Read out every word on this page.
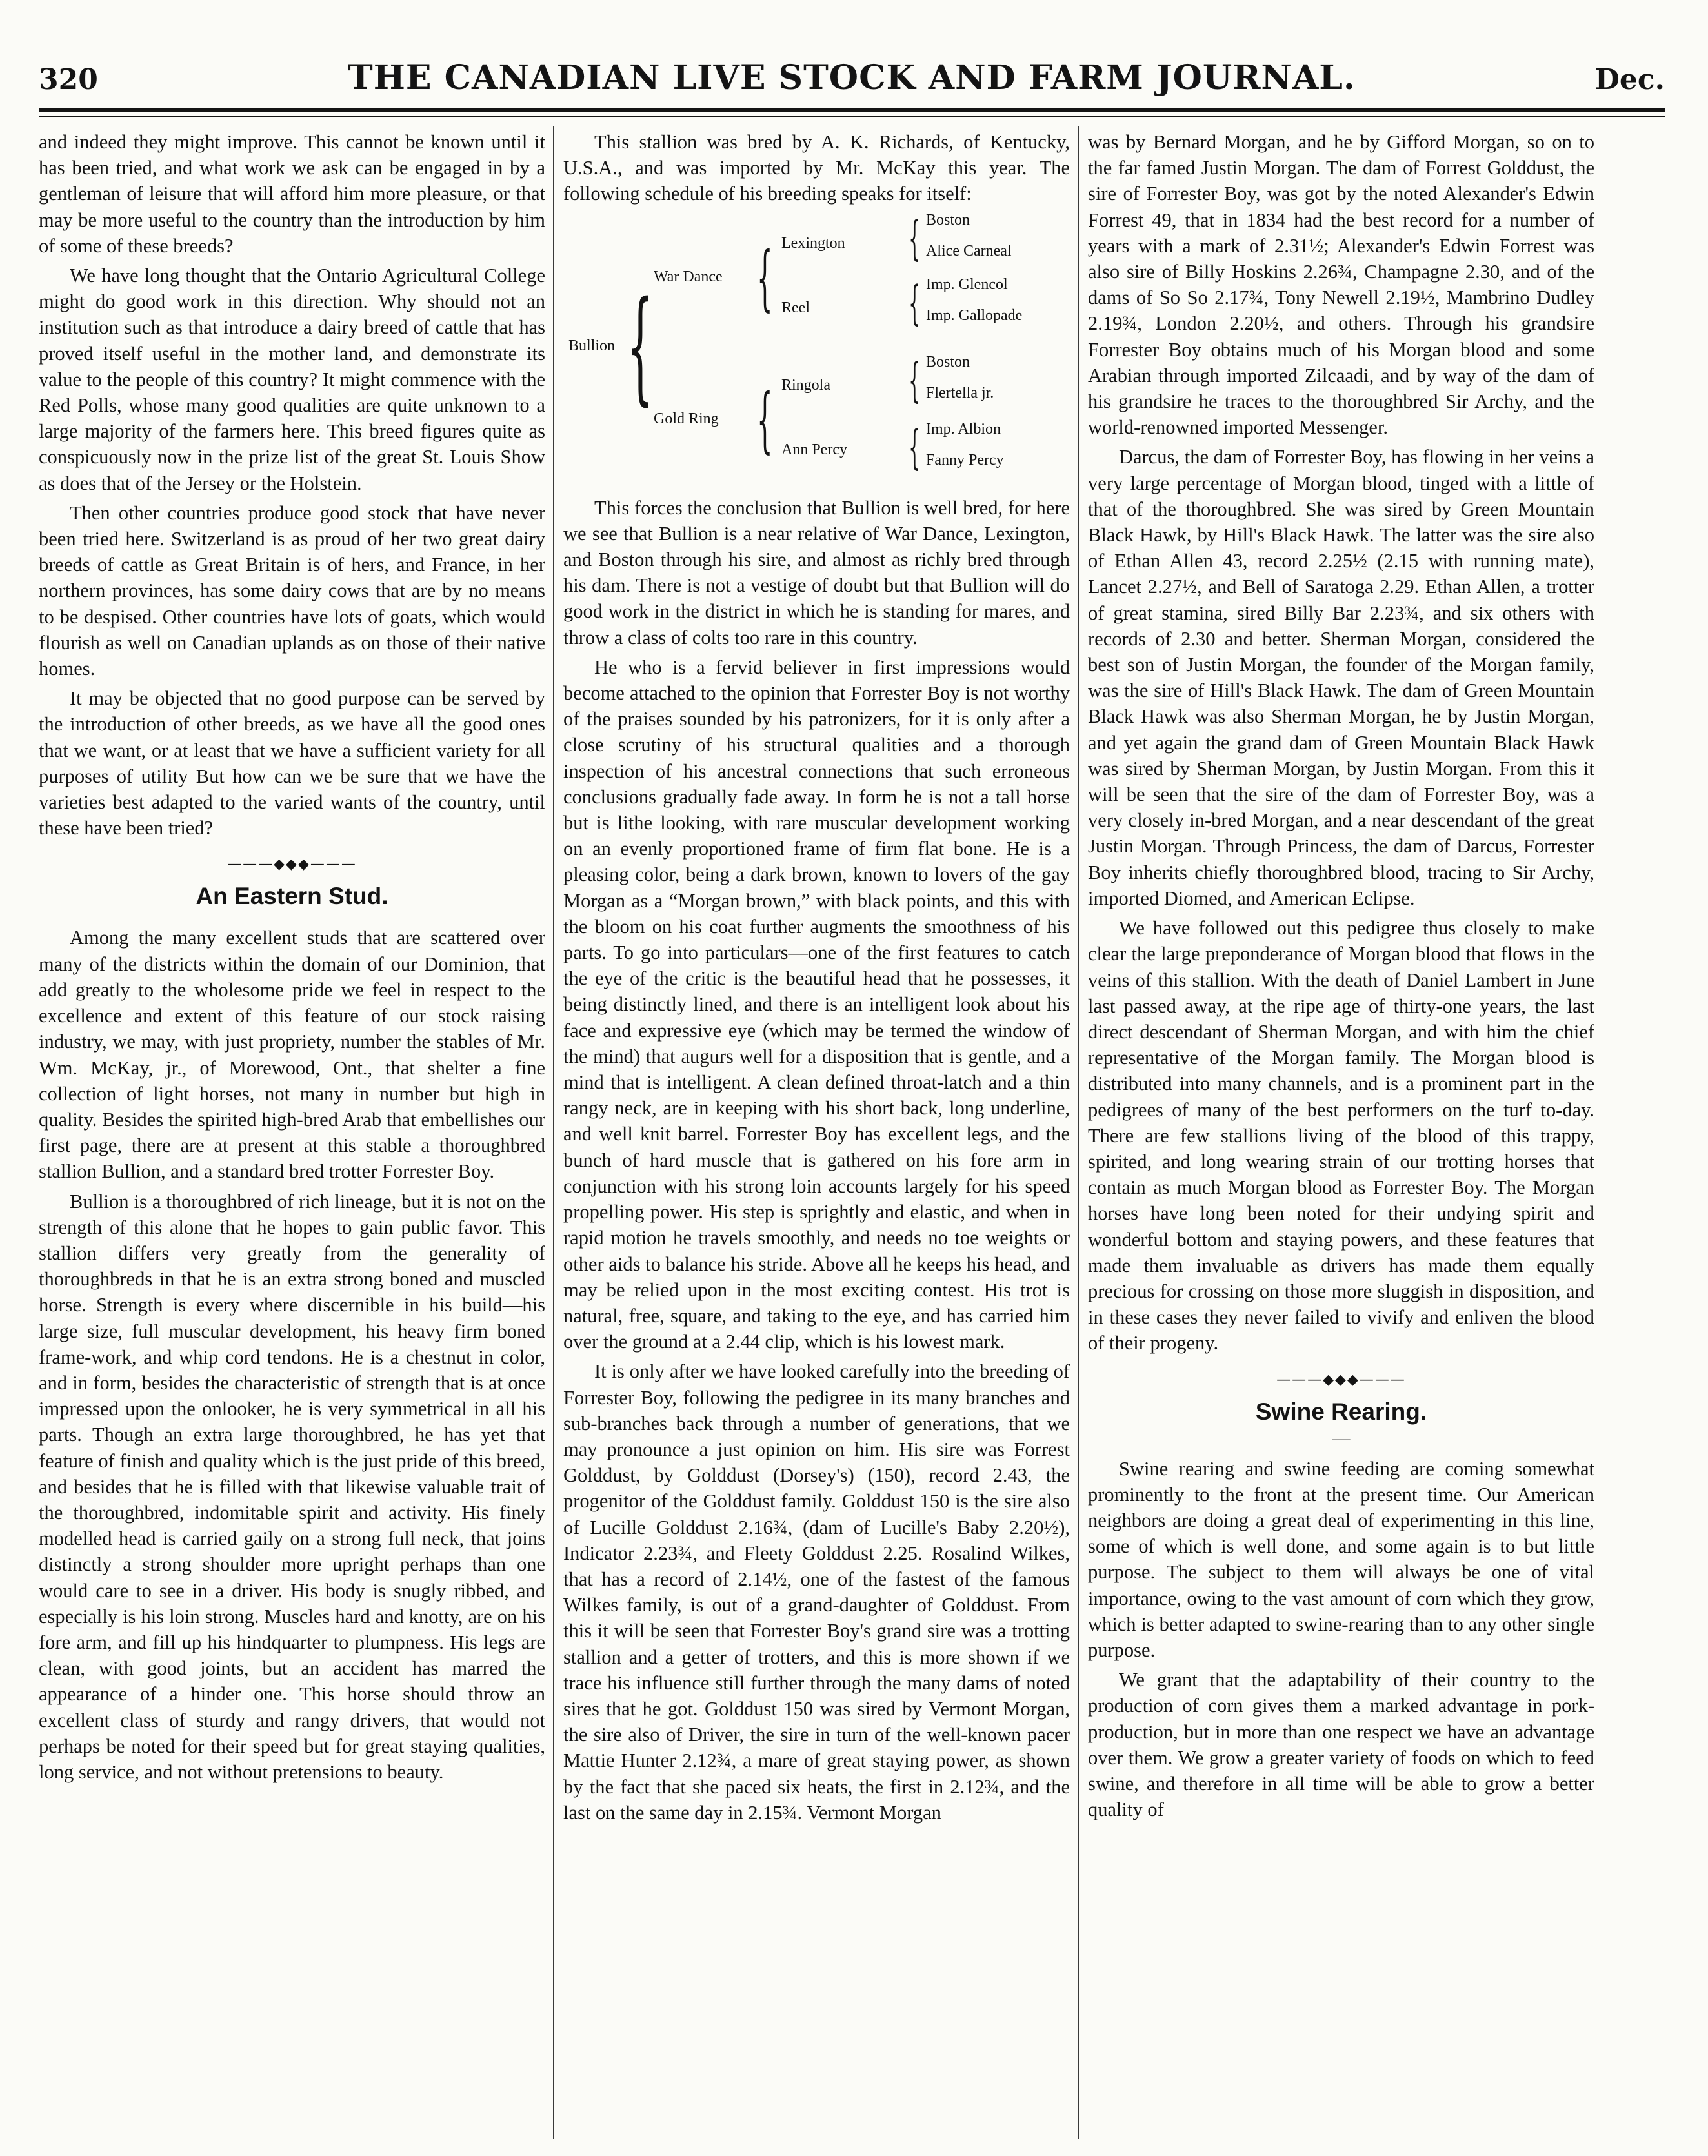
320	THE CANADIAN LIVE STOCK AND FARM JOURNAL.	Dec.

and indeed they might improve. This cannot be known until it has been tried, and what work we ask can be engaged in by a gentleman of leisure that will afford him more pleasure, or that may be more useful to the country than the introduction by him of some of these breeds?

We have long thought that the Ontario Agricultural College might do good work in this direction. Why should not an institution such as that introduce a dairy breed of cattle that has proved itself useful in the mother land, and demonstrate its value to the people of this country? It might commence with the Red Polls, whose many good qualities are quite unknown to a large majority of the farmers here. This breed figures quite as conspicuously now in the prize list of the great St. Louis Show as does that of the Jersey or the Holstein.

Then other countries produce good stock that have never been tried here. Switzerland is as proud of her two great dairy breeds of cattle as Great Britain is of hers, and France, in her northern provinces, has some dairy cows that are by no means to be despised. Other countries have lots of goats, which would flourish as well on Canadian uplands as on those of their native homes.

It may be objected that no good purpose can be served by the introduction of other breeds, as we have all the good ones that we want, or at least that we have a sufficient variety for all purposes of utility But how can we be sure that we have the varieties best adapted to the varied wants of the country, until these have been tried?

———◆◆◆———
An Eastern Stud.

Among the many excellent studs that are scattered over many of the districts within the domain of our Dominion, that add greatly to the wholesome pride we feel in respect to the excellence and extent of this feature of our stock raising industry, we may, with just propriety, number the stables of Mr. Wm. McKay, jr., of Morewood, Ont., that shelter a fine collection of light horses, not many in number but high in quality. Besides the spirited high-bred Arab that embellishes our first page, there are at present at this stable a thoroughbred stallion Bullion, and a standard bred trotter Forrester Boy.

Bullion is a thoroughbred of rich lineage, but it is not on the strength of this alone that he hopes to gain public favor. This stallion differs very greatly from the generality of thoroughbreds in that he is an extra strong boned and muscled horse. Strength is every where discernible in his build—his large size, full muscular development, his heavy firm boned frame-work, and whip cord tendons. He is a chestnut in color, and in form, besides the characteristic of strength that is at once impressed upon the onlooker, he is very symmetrical in all his parts. Though an extra large thoroughbred, he has yet that feature of finish and quality which is the just pride of this breed, and besides that he is filled with that likewise valuable trait of the thoroughbred, indomitable spirit and activity. His finely modelled head is carried gaily on a strong full neck, that joins distinctly a strong shoulder more upright perhaps than one would care to see in a driver. His body is snugly ribbed, and especially is his loin strong. Muscles hard and knotty, are on his fore arm, and fill up his hindquarter to plumpness. His legs are clean, with good joints, but an accident has marred the appearance of a hinder one. This horse should throw an excellent class of sturdy and rangy drivers, that would not perhaps be noted for their speed but for great staying qualities, long service, and not without pretensions to beauty.

This stallion was bred by A. K. Richards, of Kentucky, U.S.A., and was imported by Mr. McKay this year. The following schedule of his breeding speaks for itself:

Bullion { War Dance
Gold Ring
{ Lexington
Reel
{ Ringola
Ann Percy
{ Boston
Alice Carneal
{ Imp. Glencol
Imp. Gallopade
{ Boston
Flertella jr.
{ Imp. Albion
Fanny Percy

This forces the conclusion that Bullion is well bred, for here we see that Bullion is a near relative of War Dance, Lexington, and Boston through his sire, and almost as richly bred through his dam. There is not a vestige of doubt but that Bullion will do good work in the district in which he is standing for mares, and throw a class of colts too rare in this country.

He who is a fervid believer in first impressions would become attached to the opinion that Forrester Boy is not worthy of the praises sounded by his patronizers, for it is only after a close scrutiny of his structural qualities and a thorough inspection of his ancestral connections that such erroneous conclusions gradually fade away. In form he is not a tall horse but is lithe looking, with rare muscular development working on an evenly proportioned frame of firm flat bone. He is a pleasing color, being a dark brown, known to lovers of the gay Morgan as a “Morgan brown,” with black points, and this with the bloom on his coat further augments the smoothness of his parts. To go into particulars—one of the first features to catch the eye of the critic is the beautiful head that he possesses, it being distinctly lined, and there is an intelligent look about his face and expressive eye (which may be termed the window of the mind) that augurs well for a disposition that is gentle, and a mind that is intelligent. A clean defined throat-latch and a thin rangy neck, are in keeping with his short back, long underline, and well knit barrel. Forrester Boy has excellent legs, and the bunch of hard muscle that is gathered on his fore arm in conjunction with his strong loin accounts largely for his speed propelling power. His step is sprightly and elastic, and when in rapid motion he travels smoothly, and needs no toe weights or other aids to balance his stride. Above all he keeps his head, and may be relied upon in the most exciting contest. His trot is natural, free, square, and taking to the eye, and has carried him over the ground at a 2.44 clip, which is his lowest mark.

It is only after we have looked carefully into the breeding of Forrester Boy, following the pedigree in its many branches and sub-branches back through a number of generations, that we may pronounce a just opinion on him. His sire was Forrest Golddust, by Golddust (Dorsey's) (150), record 2.43, the progenitor of the Golddust family. Golddust 150 is the sire also of Lucille Golddust 2.16¾, (dam of Lucille's Baby 2.20½), Indicator 2.23¾, and Fleety Golddust 2.25. Rosalind Wilkes, that has a record of 2.14½, one of the fastest of the famous Wilkes family, is out of a grand-daughter of Golddust. From this it will be seen that Forrester Boy's grand sire was a trotting stallion and a getter of trotters, and this is more shown if we trace his influence still further through the many dams of noted sires that he got. Golddust 150 was sired by Vermont Morgan, the sire also of Driver, the sire in turn of the well-known pacer Mattie Hunter 2.12¾, a mare of great staying power, as shown by the fact that she paced six heats, the first in 2.12¾, and the last on the same day in 2.15¾. Vermont Morgan

was by Bernard Morgan, and he by Gifford Morgan, so on to the far famed Justin Morgan. The dam of Forrest Golddust, the sire of Forrester Boy, was got by the noted Alexander's Edwin Forrest 49, that in 1834 had the best record for a number of years with a mark of 2.31½; Alexander's Edwin Forrest was also sire of Billy Hoskins 2.26¾, Champagne 2.30, and of the dams of So So 2.17¾, Tony Newell 2.19½, Mambrino Dudley 2.19¾, London 2.20½, and others. Through his grandsire Forrester Boy obtains much of his Morgan blood and some Arabian through imported Zilcaadi, and by way of the dam of his grandsire he traces to the thoroughbred Sir Archy, and the world-renowned imported Messenger.

Darcus, the dam of Forrester Boy, has flowing in her veins a very large percentage of Morgan blood, tinged with a little of that of the thoroughbred. She was sired by Green Mountain Black Hawk, by Hill's Black Hawk. The latter was the sire also of Ethan Allen 43, record 2.25½ (2.15 with running mate), Lancet 2.27½, and Bell of Saratoga 2.29. Ethan Allen, a trotter of great stamina, sired Billy Bar 2.23¾, and six others with records of 2.30 and better. Sherman Morgan, considered the best son of Justin Morgan, the founder of the Morgan family, was the sire of Hill's Black Hawk. The dam of Green Mountain Black Hawk was also Sherman Morgan, he by Justin Morgan, and yet again the grand dam of Green Mountain Black Hawk was sired by Sherman Morgan, by Justin Morgan. From this it will be seen that the sire of the dam of Forrester Boy, was a very closely in-bred Morgan, and a near descendant of the great Justin Morgan. Through Princess, the dam of Darcus, Forrester Boy inherits chiefly thoroughbred blood, tracing to Sir Archy, imported Diomed, and American Eclipse.

We have followed out this pedigree thus closely to make clear the large preponderance of Morgan blood that flows in the veins of this stallion. With the death of Daniel Lambert in June last passed away, at the ripe age of thirty-one years, the last direct descendant of Sherman Morgan, and with him the chief representative of the Morgan family. The Morgan blood is distributed into many channels, and is a prominent part in the pedigrees of many of the best performers on the turf to-day. There are few stallions living of the blood of this trappy, spirited, and long wearing strain of our trotting horses that contain as much Morgan blood as Forrester Boy. The Morgan horses have long been noted for their undying spirit and wonderful bottom and staying powers, and these features that made them invaluable as drivers has made them equally precious for crossing on those more sluggish in disposition, and in these cases they never failed to vivify and enliven the blood of their progeny.

———◆◆◆———
Swine Rearing.
—

Swine rearing and swine feeding are coming somewhat prominently to the front at the present time. Our American neighbors are doing a great deal of experimenting in this line, some of which is well done, and some again is to but little purpose. The subject to them will always be one of vital importance, owing to the vast amount of corn which they grow, which is better adapted to swine-rearing than to any other single purpose.

We grant that the adaptability of their country to the production of corn gives them a marked advantage in pork-production, but in more than one respect we have an advantage over them. We grow a greater variety of foods on which to feed swine, and therefore in all time will be able to grow a better quality of
